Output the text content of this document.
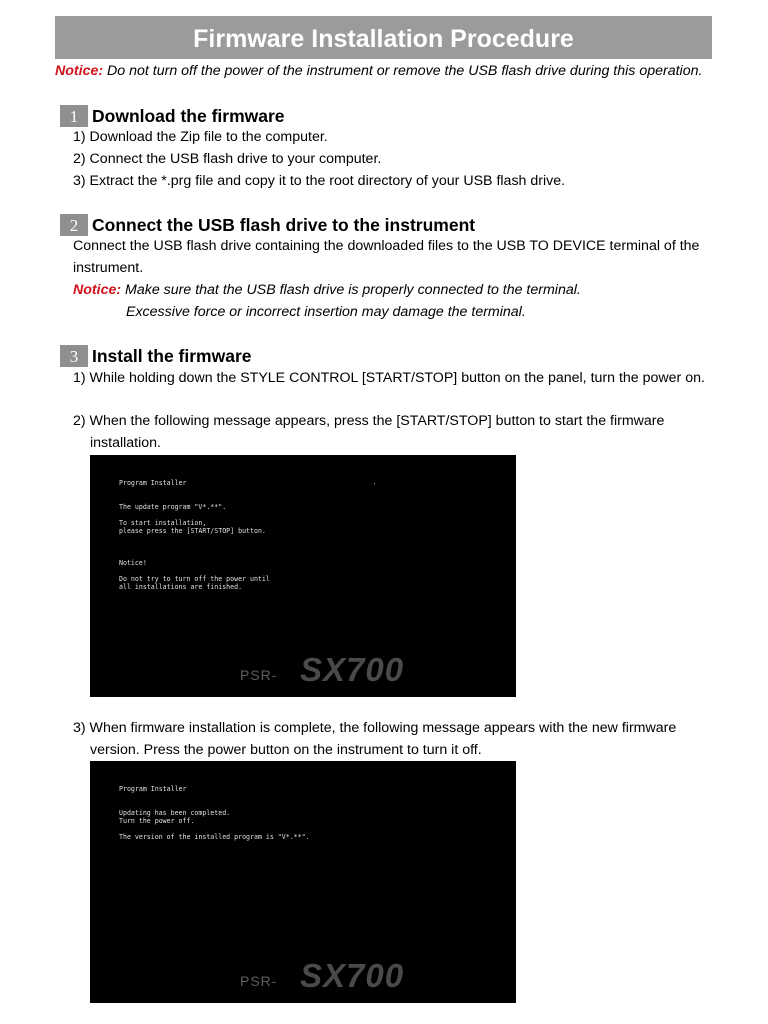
Firmware Installation Procedure
Notice: Do not turn off the power of the instrument or remove the USB flash drive during this operation.
1 Download the firmware
1) Download the Zip file to the computer.
2) Connect the USB flash drive to your computer.
3) Extract the *.prg file and copy it to the root directory of your USB flash drive.
2 Connect the USB flash drive to the instrument
Connect the USB flash drive containing the downloaded files to the USB TO DEVICE terminal of the
instrument.
Notice: Make sure that the USB flash drive is properly connected to the terminal.
Excessive force or incorrect insertion may damage the terminal.
3 Install the firmware
1) While holding down the STYLE CONTROL [START/STOP] button on the panel, turn the power on.
2) When the following message appears, press the [START/STOP] button to start the firmware
installation.
Program Installer
The update program "V*.**".
To start installation,
please press the [START/STOP] button.
Notice!
Do not try to turn off the power until
all installations are finished.
PSR- SX700
3) When firmware installation is complete, the following message appears with the new firmware
version. Press the power button on the instrument to turn it off.
Program Installer
Updating has been completed.
Turn the power off.
The version of the installed program is "V*.**".
PSR- SX700
